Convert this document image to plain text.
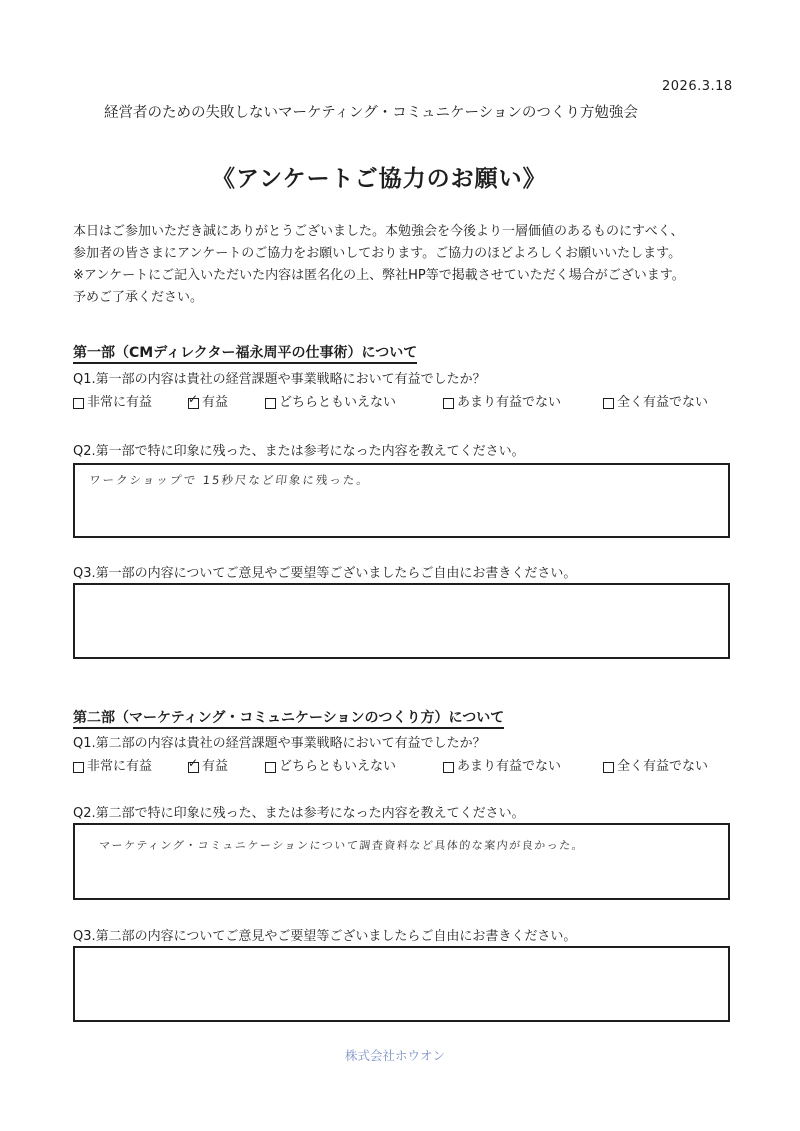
2026.3.18
経営者のための失敗しないマーケティング・コミュニケーションのつくり方勉強会
《アンケートご協力のお願い》
本日はご参加いただき誠にありがとうございました。本勉強会を今後より一層価値のあるものにすべく、
参加者の皆さまにアンケートのご協力をお願いしております。ご協力のほどよろしくお願いいたします。
※アンケートにご記入いただいた内容は匿名化の上、弊社HP等で掲載させていただく場合がございます。
予めご了承ください。
第一部（CMディレクター福永周平の仕事術）について
Q1.第一部の内容は貴社の経営課題や事業戦略において有益でしたか？
非常に有益 ✓	有益	どちらともいえない	あまり有益でない	全く有益でない
Q2.第一部で特に印象に残った、または参考になった内容を教えてください。
ワークショップで 15秒尺など印象に残った。
Q3.第一部の内容についてご意見やご要望等ございましたらご自由にお書きください。
第二部（マーケティング・コミュニケーションのつくり方）について
Q1.第二部の内容は貴社の経営課題や事業戦略において有益でしたか？
非常に有益 ✓	有益	どちらともいえない	あまり有益でない	全く有益でない
Q2.第二部で特に印象に残った、または参考になった内容を教えてください。
マーケティング・コミュニケーションについて調査資料など具体的な案内が良かった。
Q3.第二部の内容についてご意見やご要望等ございましたらご自由にお書きください。
株式会社ホウオン
